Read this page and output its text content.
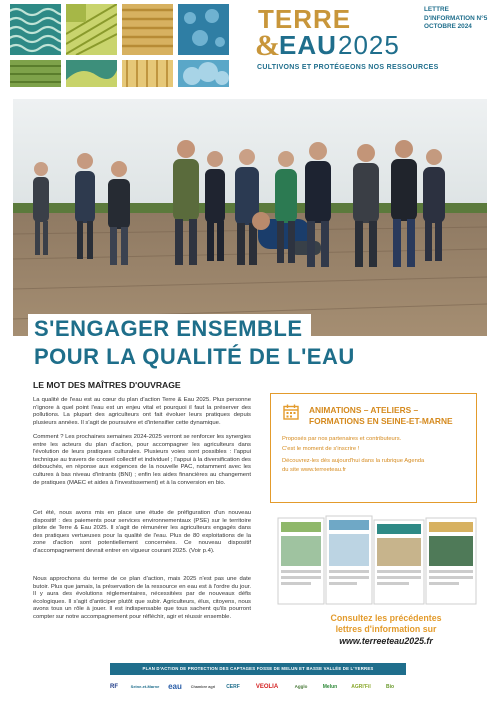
TERRE
& EAU 2025
CULTIVONS ET PROTÉGEONS NOS RESSOURCES
LETTRE
D'INFORMATION N°5
OCTOBRE 2024
S'ENGAGER ENSEMBLE
POUR LA QUALITÉ DE L'EAU
LE MOT DES MAÎTRES D'OUVRAGE

La qualité de l'eau est au cœur du plan d'action Terre & Eau 2025. Plus personne n'ignore à quel point l'eau est un enjeu vital et pourquoi il faut la préserver des pollutions. La plupart des agriculteurs ont fait évoluer leurs pratiques depuis plusieurs années. Il s'agit de poursuivre et d'intensifier cette dynamique.

Comment ? Les prochaines semaines 2024-2025 verront se renforcer les synergies entre les acteurs du plan d'action, pour accompagner les agriculteurs dans l'évolution de leurs pratiques culturales. Plusieurs voies sont possibles : l'appui technique au travers de conseil collectif et individuel ; l'appui à la diversification des débouchés, en réponse aux exigences de la nouvelle PAC, notamment avec les cultures à bas niveau d'intrants (BNI) ; enfin les aides financières au changement de pratiques (MAEC et aides à l'investissement) et à la conversion en bio.

Cet été, nous avons mis en place une étude de préfiguration d'un nouveau dispositif : des paiements pour services environnementaux (PSE) sur le territoire pilote de Terre & Eau 2025. Il s'agit de rémunérer les agriculteurs engagés dans des pratiques vertueuses pour la qualité de l'eau. Plus de 80 exploitations de la zone d'action sont potentiellement concernées. Ce nouveau dispositif d'accompagnement devrait entrer en vigueur courant 2025. (Voir p.4).

Nous approchons du terme de ce plan d'action, mais 2025 n'est pas une date butoir. Plus que jamais, la préservation de la ressource en eau est à l'ordre du jour. Il y aura des évolutions réglementaires, nécessitées par de nouveaux défis écologiques. Il s'agit d'anticiper plutôt que subir. Agriculteurs, élus, citoyens, nous avons tous un rôle à jouer. Il est indispensable que tous sachent qu'ils pourront compter sur notre accompagnement pour réfléchir, agir et réussir ensemble.

ANIMATIONS – ATELIERS –
FORMATIONS EN SEINE-ET-MARNE
Proposés par nos partenaires et contributeurs.
C'est le moment de s'inscrire !
Découvrez-les dès aujourd'hui dans la rubrique Agenda
du site www.terreeteau.fr
Consultez les précédentes
lettres d'information sur
www.terreeteau2025.fr
PLAN D'ACTION DE PROTECTION DES CAPTAGES FOSSE DE MELUN ET BASSE VALLÉE DE L'YERRES
RF	Seine-et-Marne	eau	Chambre agri	CERF	VEOLIA	Agglo	Melun	AGRI'Fil	Bio
